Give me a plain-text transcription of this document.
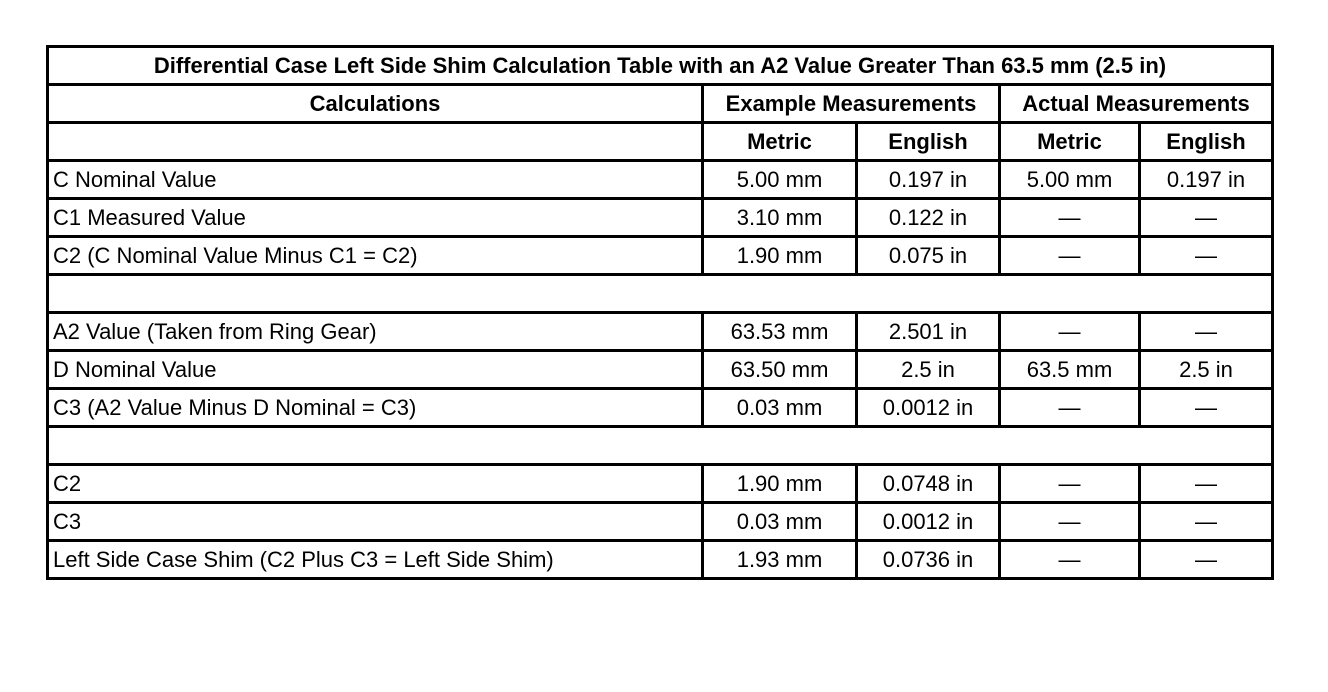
Differential Case Left Side Shim Calculation Table with an A2 Value Greater Than 63.5 mm (2.5 in)				
Calculations	Example Measurements		Actual Measurements	
	Metric	English	Metric	English
C Nominal Value	5.00 mm	0.197 in	5.00 mm	0.197 in
C1 Measured Value	3.10 mm	0.122 in	—	—
C2 (C Nominal Value Minus C1 = C2)	1.90 mm	0.075 in	—	—

A2 Value (Taken from Ring Gear)	63.53 mm	2.501 in	—	—
D Nominal Value	63.50 mm	2.5 in	63.5 mm	2.5 in
C3 (A2 Value Minus D Nominal = C3)	0.03 mm	0.0012 in	—	—

C2	1.90 mm	0.0748 in	—	—
C3	0.03 mm	0.0012 in	—	—
Left Side Case Shim (C2 Plus C3 = Left Side Shim)	1.93 mm	0.0736 in	—	—
